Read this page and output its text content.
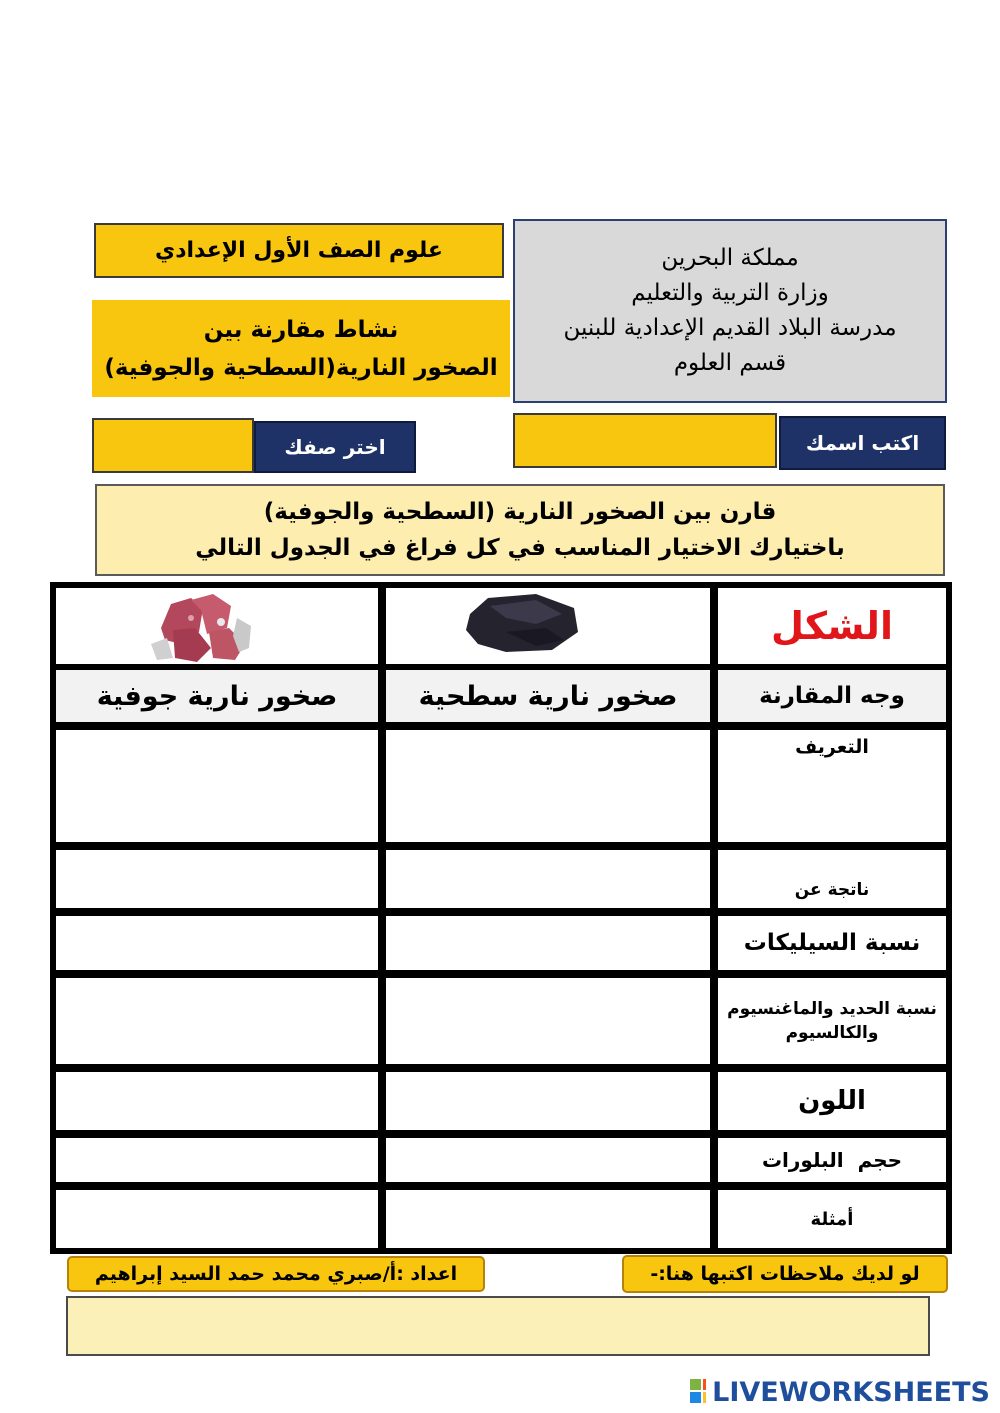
مملكة البحرين
وزارة التربية والتعليم
مدرسة البلاد القديم الإعدادية للبنين
قسم العلوم
علوم الصف الأول الإعدادي
نشاط مقارنة بين
الصخور النارية(السطحية والجوفية)
اختر صفك	اكتب اسمك
قارن بين الصخور النارية (السطحية والجوفية)
باختيارك الاختيار المناسب في كل فراغ في الجدول التالي
الشكل
صخور نارية جوفية	صخور نارية سطحية	وجه المقارنة
التعريف
ناتجة عن
نسبة السيليكات
نسبة الحديد والماغنسيوم والكالسيوم
اللون
حجم  البلورات
أمثلة
اعداد :أ/صبري محمد حمد السيد إبراهيم	لو لديك ملاحظات اكتبها هنا:-
LIVEWORKSHEETS
